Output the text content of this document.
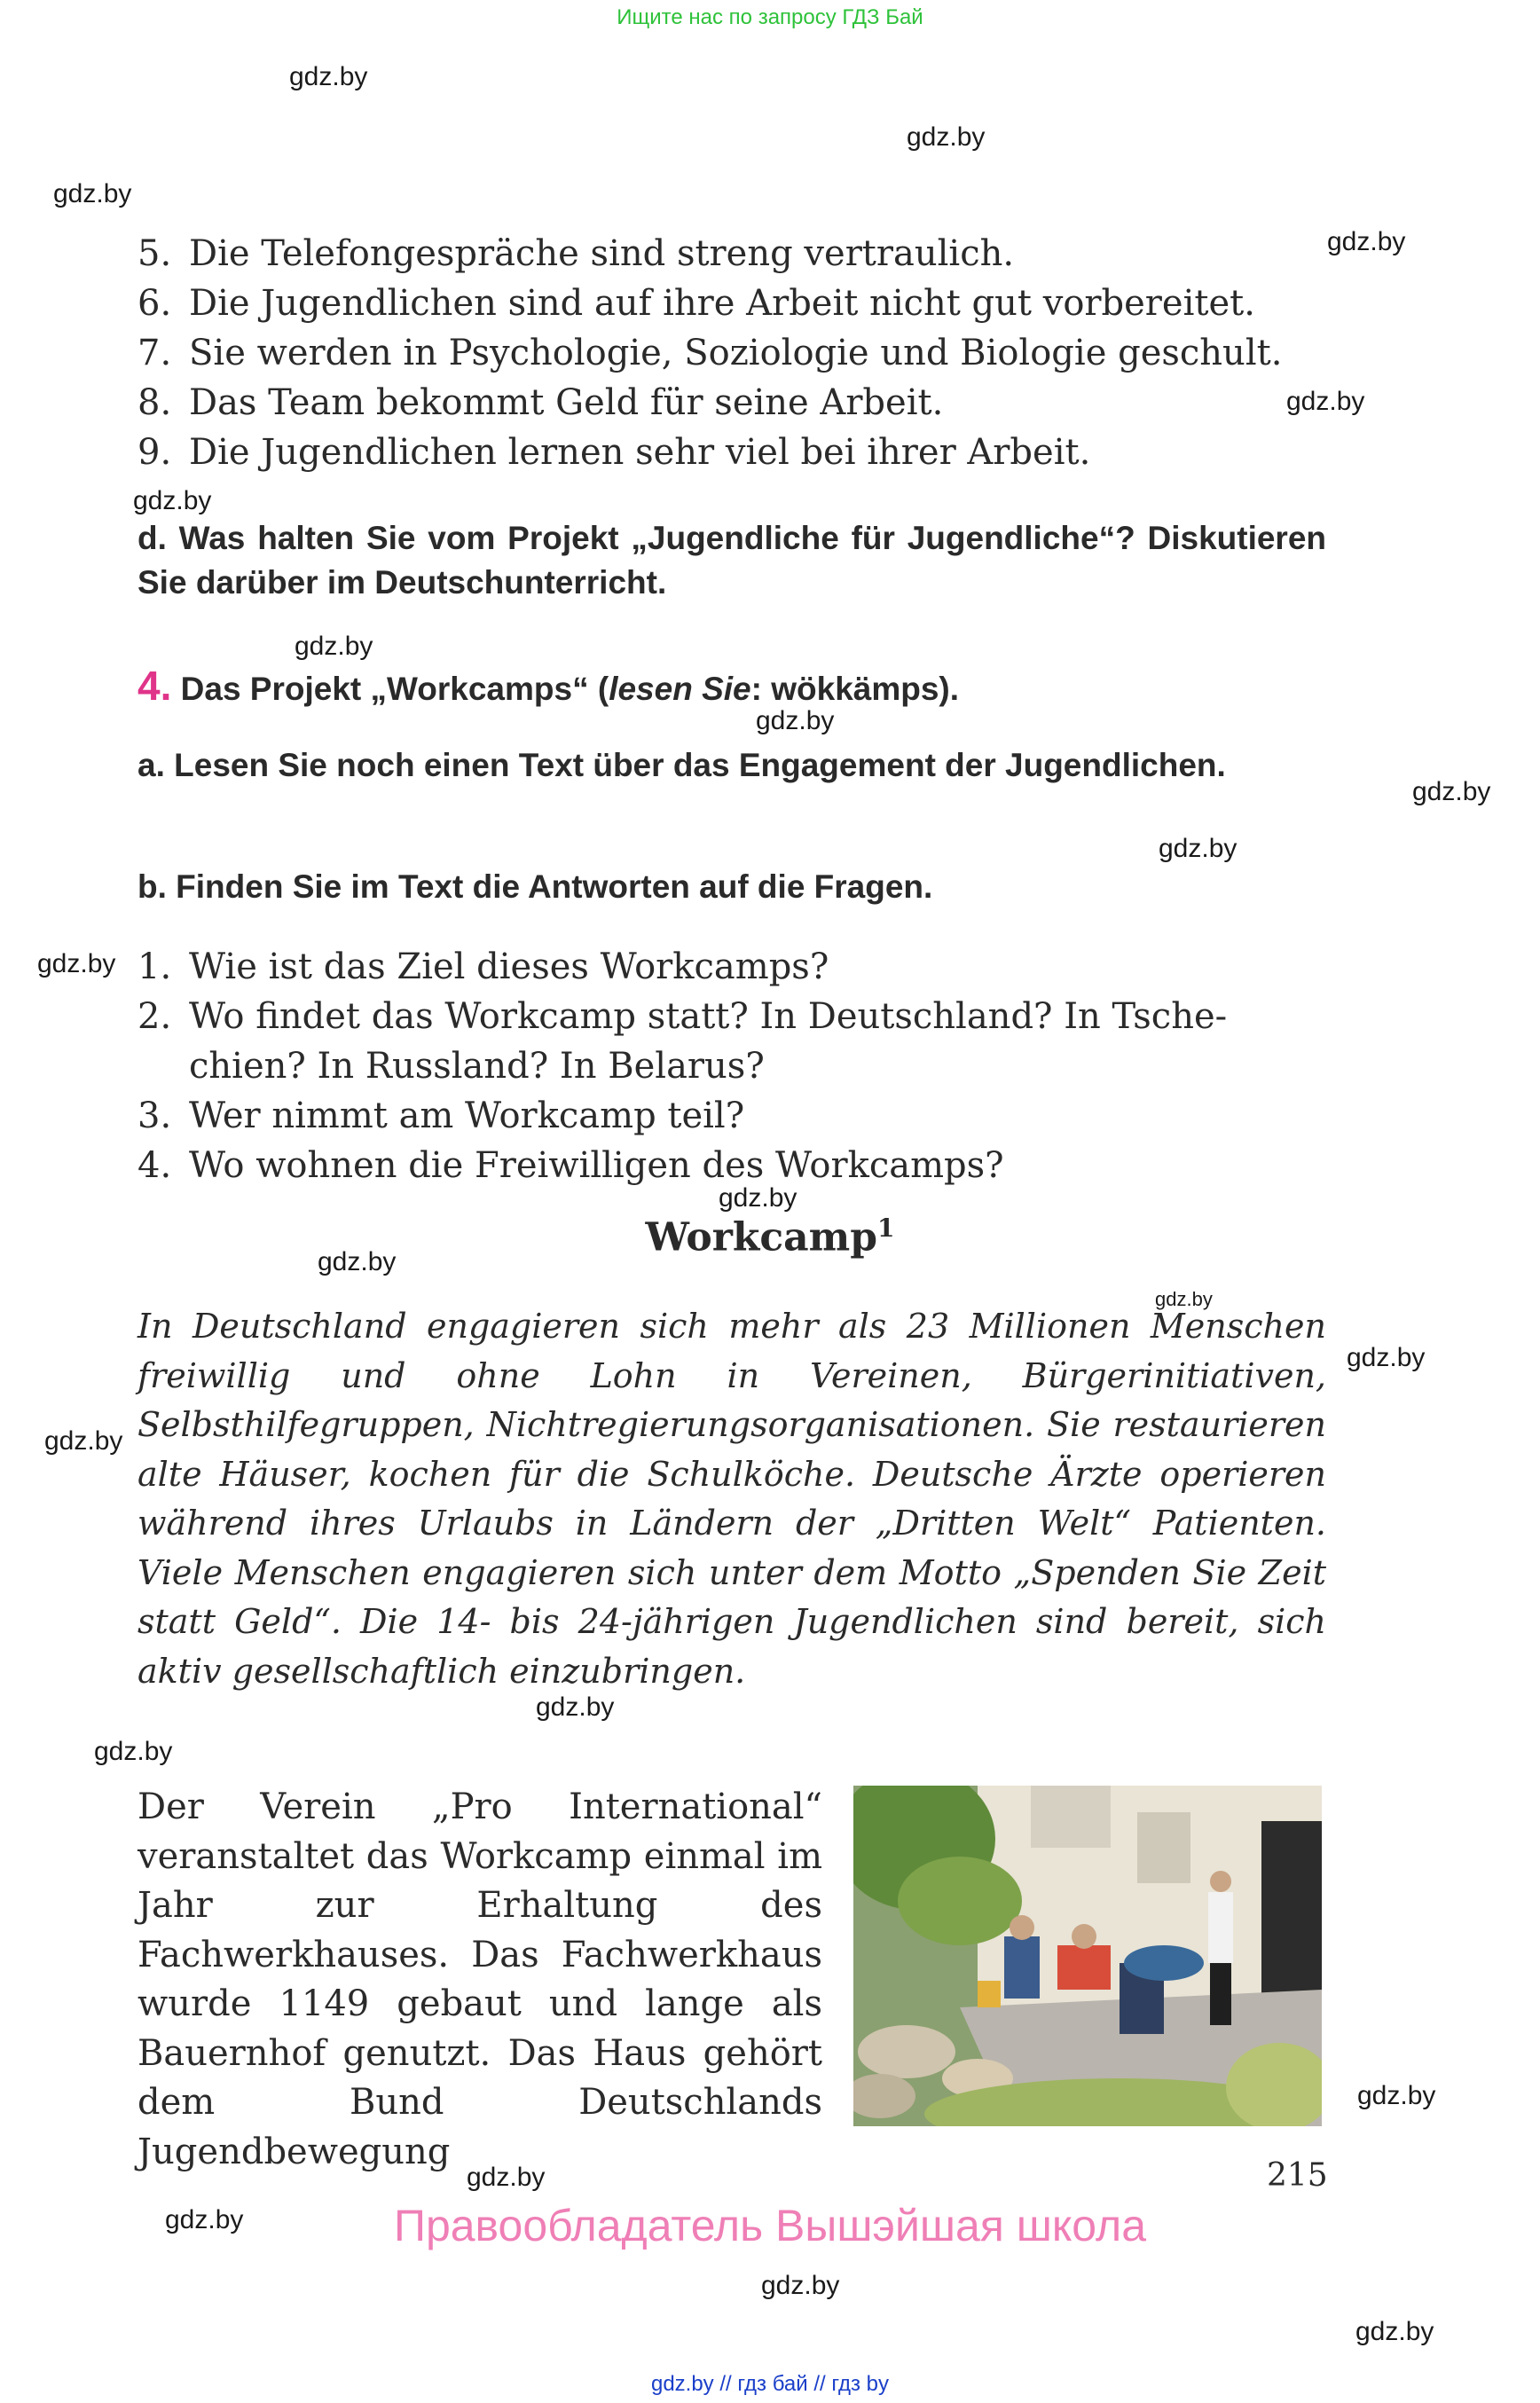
Ищите нас по запросу ГДЗ Бай
gdz.by
gdz.by
gdz.by
gdz.by
gdz.by
gdz.by
gdz.by
gdz.by
gdz.by
gdz.by
gdz.by
gdz.by
gdz.by
gdz.by
gdz.by
gdz.by
gdz.by
gdz.by
gdz.by
gdz.by
gdz.by
gdz.by
gdz.by
5. Die Telefongespräche sind streng vertraulich.
6. Die Jugendlichen sind auf ihre Arbeit nicht gut vorbereitet.
7. Sie werden in Psychologie, Soziologie und Biologie geschult.
8. Das Team bekommt Geld für seine Arbeit.
9. Die Jugendlichen lernen sehr viel bei ihrer Arbeit.
d. Was halten Sie vom Projekt „Jugendliche für Jugendliche“? Diskutieren Sie darüber im Deutschunterricht.
4. Das Projekt „Workcamps“ (lesen Sie: wökkämps).
a. Lesen Sie noch einen Text über das Engagement der Jugendlichen.
b. Finden Sie im Text die Antworten auf die Fragen.
1. Wie ist das Ziel dieses Workcamps?
2. Wo findet das Workcamp statt? In Deutschland? In Tsche-
chien? In Russland? In Belarus?
3. Wer nimmt am Workcamp teil?
4. Wo wohnen die Freiwilligen des Workcamps?
Workcamp$^1$
In Deutschland engagieren sich mehr als 23 Millionen Menschen freiwillig und ohne Lohn in Vereinen, Bürgerinitiativen, Selbsthilfegruppen, Nichtregierungsorganisationen. Sie restaurieren alte Häuser, kochen für die Schulköche. Deutsche Ärzte operieren während ihres Urlaubs in Ländern der „Dritten Welt“ Patienten. Viele Menschen engagieren sich unter dem Motto „Spenden Sie Zeit statt Geld“. Die 14- bis 24-jährigen Jugendlichen sind bereit, sich aktiv gesellschaftlich einzubringen.
Der Verein „Pro International“ veranstaltet das Workcamp einmal im Jahr zur Erhaltung des Fachwerkhauses. Das Fachwerkhaus wurde 1149 gebaut und lange als Bauernhof genutzt. Das Haus gehört dem Bund Deutschlands Jugendbewegung
215
Правообладатель Вышэйшая школа
gdz.by // гдз бай // гдз by
